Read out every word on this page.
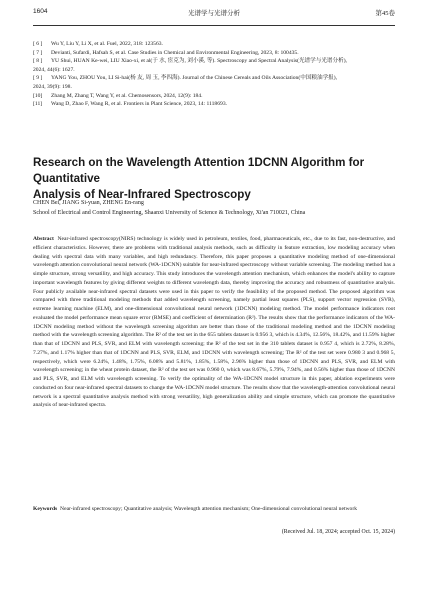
1604	光谱学与光谱分析	第45卷
[ 6 ]	Wu Y, Liu Y, Li X, et al. Fuel, 2022, 318: 123563.
[ 7 ]	Devianti, Sufardi, Hafsah S, et al. Case Studies in Chemical and Environmental Engineering, 2023, 8: 100435.
[ 8 ]	YU Shui, HUAN Ke-wei, LIU Xiao-xi, et al(于 水, 宦克为, 刘小溪, 等). Spectroscopy and Spectral Analysis(光谱学与光谱分析),
2024, 44(6): 1627.
[ 9 ]	YANG You, ZHOU You, LI Si-hai(杨 友, 周 玉, 李四海). Journal of the Chinese Cereals and Oils Association(中国粮油学报),
2024, 39(9): 198.
[10]	Zhang M, Zhang T, Wang Y, et al. Chemosensors, 2024, 12(9): 184.
[11]	Wang D, Zhao F, Wang R, et al. Frontiers in Plant Science, 2023, 14: 1118693.
Research on the Wavelength Attention 1DCNN Algorithm for Quantitative
Analysis of Near-Infrared Spectroscopy
CHEN Bei, JIANG Si-yuan, ZHENG En-rang
School of Electrical and Control Engineering, Shaanxi University of Science & Technology, Xi'an 710021, China
Abstract Near-infrared spectroscopy(NIRS) technology is widely used in petroleum, textiles, food, pharmaceuticals, etc., due to its fast, non-destructive, and efficient characteristics. However, there are problems with traditional analysis methods, such as difficulty in feature extraction, low modeling accuracy when dealing with spectral data with many variables, and high redundancy. Therefore, this paper proposes a quantitative modeling method of one-dimensional wavelength attention convolutional neural network (WA-1DCNN) suitable for near-infrared spectroscopy without variable screening. The modeling method has a simple structure, strong versatility, and high accuracy. This study introduces the wavelength attention mechanism, which enhances the model's ability to capture important wavelength features by giving different weights to different wavelength data, thereby improving the accuracy and robustness of quantitative analysis. Four publicly available near-infrared spectral datasets were used in this paper to verify the feasibility of the proposed method. The proposed algorithm was compared with three traditional modeling methods that added wavelength screening, namely partial least squares (PLS), support vector regression (SVR), extreme learning machine (ELM), and one-dimensional convolutional neural network (1DCNN) modeling method. The model performance indicators root evaluated the model performance mean square error (RMSE) and coefficient of determination (R²). The results show that the performance indicators of the WA-1DCNN modeling method without the wavelength screening algorithm are better than those of the traditional modeling method and the 1DCNN modeling method with the wavelength screening algorithm. The R² of the test set in the 655 tablets dataset is 0.956 3, which is 4.34%, 12.56%, 18.42%, and 11.59% higher than that of 1DCNN and PLS, SVR, and ELM with wavelength screening; the R² of the test set in the 310 tablets dataset is 0.957 4, which is 2.72%, 8.28%, 7.27%, and 1.17% higher than that of 1DCNN and PLS, SVR, ELM, and 1DCNN with wavelength screening; The R² of the test set were 0.980 3 and 0.968 5, respectively, which were 6.24%, 1.48%, 1.75%, 6.08% and 5.81%, 1.85%, 1.58%, 2.96% higher than those of 1DCNN and PLS, SVR, and ELM with wavelength screening; in the wheat protein dataset, the R² of the test set was 0.960 0, which was 8.67%, 5.79%, 7.94%, and 0.56% higher than those of 1DCNN and PLS, SVR, and ELM with wavelength screening. To verify the optimality of the WA-1DCNN model structure in this paper, ablation experiments were conducted on four near-infrared spectral datasets to change the WA-1DCNN model structure. The results show that the wavelength-attention convolutional neural network is a spectral quantitative analysis method with strong versatility, high generalization ability and simple structure, which can promote the quantitative analysis of near-infrared spectra.
Keywords Near-infrared spectroscopy; Quantitative analysis; Wavelength attention mechanism; One-dimensional convolutional neural network
(Received Jul. 18, 2024; accepted Oct. 15, 2024)
